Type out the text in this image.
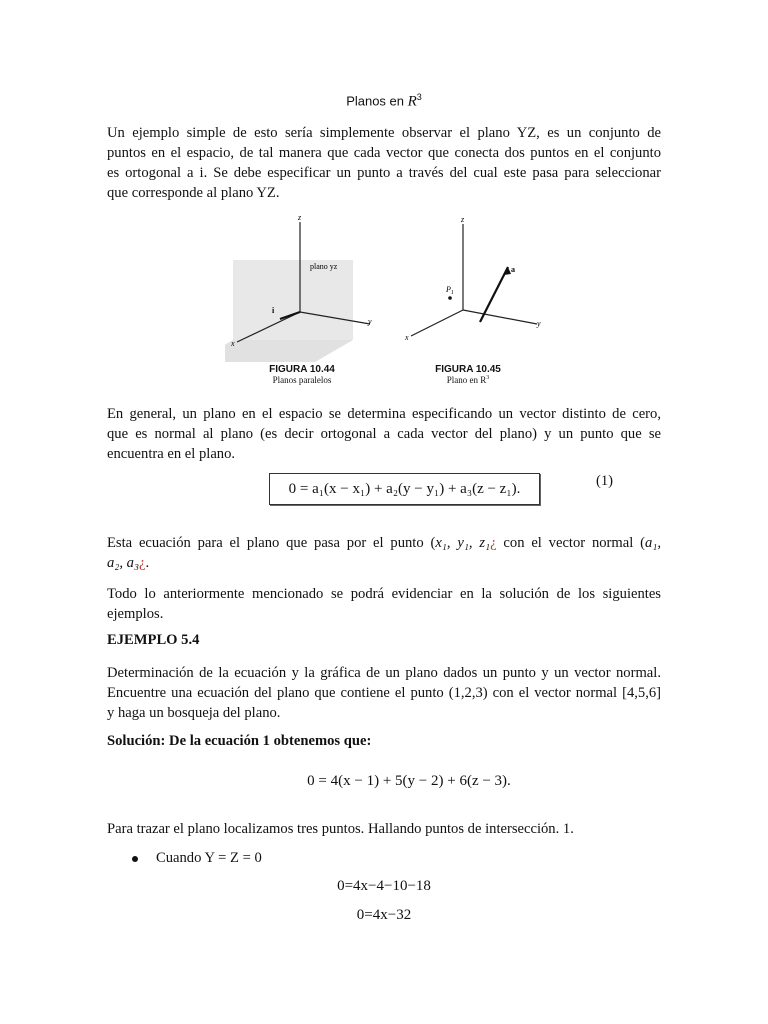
Planos en $R^3$
Un ejemplo simple de esto sería simplemente observar el plano YZ, es un conjunto de
puntos en el espacio, de tal manera que cada vector que conecta dos puntos en el conjunto
es ortogonal a i. Se debe especificar un punto a través del cual este pasa para seleccionar
que corresponde al plano YZ.
z
y
x
plano yz
i
z
y
x
$P_1$
a
FIGURA 10.44
Planos paralelos
FIGURA 10.45
Plano en $R^3$
En general, un plano en el espacio se determina especificando un vector distinto de cero,
que es normal al plano (es decir ortogonal a cada vector del plano) y un punto que se
encuentra en el plano.
0 = a₁(x − x₁) + a₂(y − y₁) + a₃(z − z₁).	(1)
Esta ecuación para el plano que pasa por el punto (x₁, y₁, z₁¿ con el vector normal (a₁,
a₂, a₃¿.
Todo lo anteriormente mencionado se podrá evidenciar en la solución de los siguientes
ejemplos.
EJEMPLO 5.4
Determinación de la ecuación y la gráfica de un plano dados un punto y un vector normal.
Encuentre una ecuación del plano que contiene el punto (1,2,3) con el vector normal [4,5,6]
y haga un bosqueja del plano.
Solución: De la ecuación 1 obtenemos que:
0 = 4(x − 1) + 5(y − 2) + 6(z − 3).
Para trazar el plano localizamos tres puntos. Hallando puntos de intersección. 1.
Cuando Y = Z = 0
0=4x−4−10−18
0=4x−32
